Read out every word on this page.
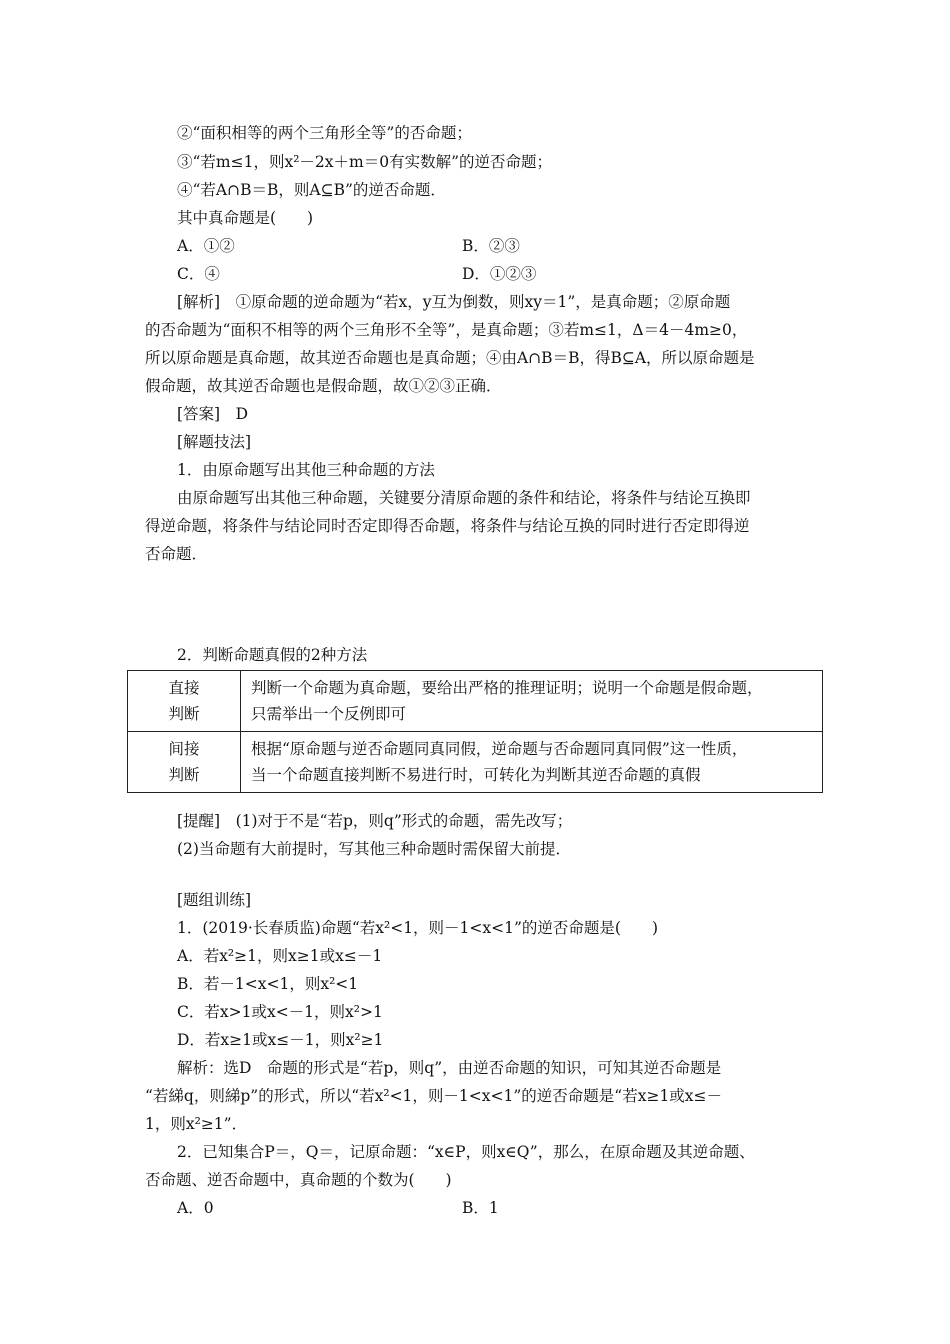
②“面积相等的两个三角形全等”的否命题；
③“若m≤1，则x²－2x＋m＝0有实数解”的逆否命题；
④“若A∩B＝B，则A⊆B”的逆否命题．
其中真命题是(　　)
A．①②	B．②③
C．④	D．①②③
[解析]　①原命题的逆命题为“若x，y互为倒数，则xy＝1”，是真命题；②原命题
的否命题为“面积不相等的两个三角形不全等”，是真命题；③若m≤1，Δ＝4－4m≥0，
所以原命题是真命题，故其逆否命题也是真命题；④由A∩B＝B，得B⊆A，所以原命题是
假命题，故其逆否命题也是假命题，故①②③正确．
[答案]　D
[解题技法]
1．由原命题写出其他三种命题的方法
由原命题写出其他三种命题，关键要分清原命题的条件和结论，将条件与结论互换即
得逆命题，将条件与结论同时否定即得否命题，将条件与结论互换的同时进行否定即得逆
否命题．
2．判断命题真假的2种方法
直接
判断	判断一个命题为真命题，要给出严格的推理证明；说明一个命题是假命题，
只需举出一个反例即可
间接
判断	根据“原命题与逆否命题同真同假，逆命题与否命题同真同假”这一性质，
当一个命题直接判断不易进行时，可转化为判断其逆否命题的真假
[提醒]　(1)对于不是“若p，则q”形式的命题，需先改写；
(2)当命题有大前提时，写其他三种命题时需保留大前提．
[题组训练]
1．(2019·长春质监)命题“若x²<1，则－1<x<1”的逆否命题是(　　)
A．若x²≥1，则x≥1或x≤－1
B．若－1<x<1，则x²<1
C．若x>1或x<－1，则x²>1
D．若x≥1或x≤－1，则x²≥1
解析：选D　命题的形式是“若p，则q”，由逆否命题的知识，可知其逆否命题是
“若綈q，则綈p”的形式，所以“若x²<1，则－1<x<1”的逆否命题是“若x≥1或x≤－
1，则x²≥1”．
2．已知集合P＝，Q＝，记原命题：“x∈P，则x∈Q”，那么，在原命题及其逆命题、
否命题、逆否命题中，真命题的个数为(　　)
A．0	B．1
